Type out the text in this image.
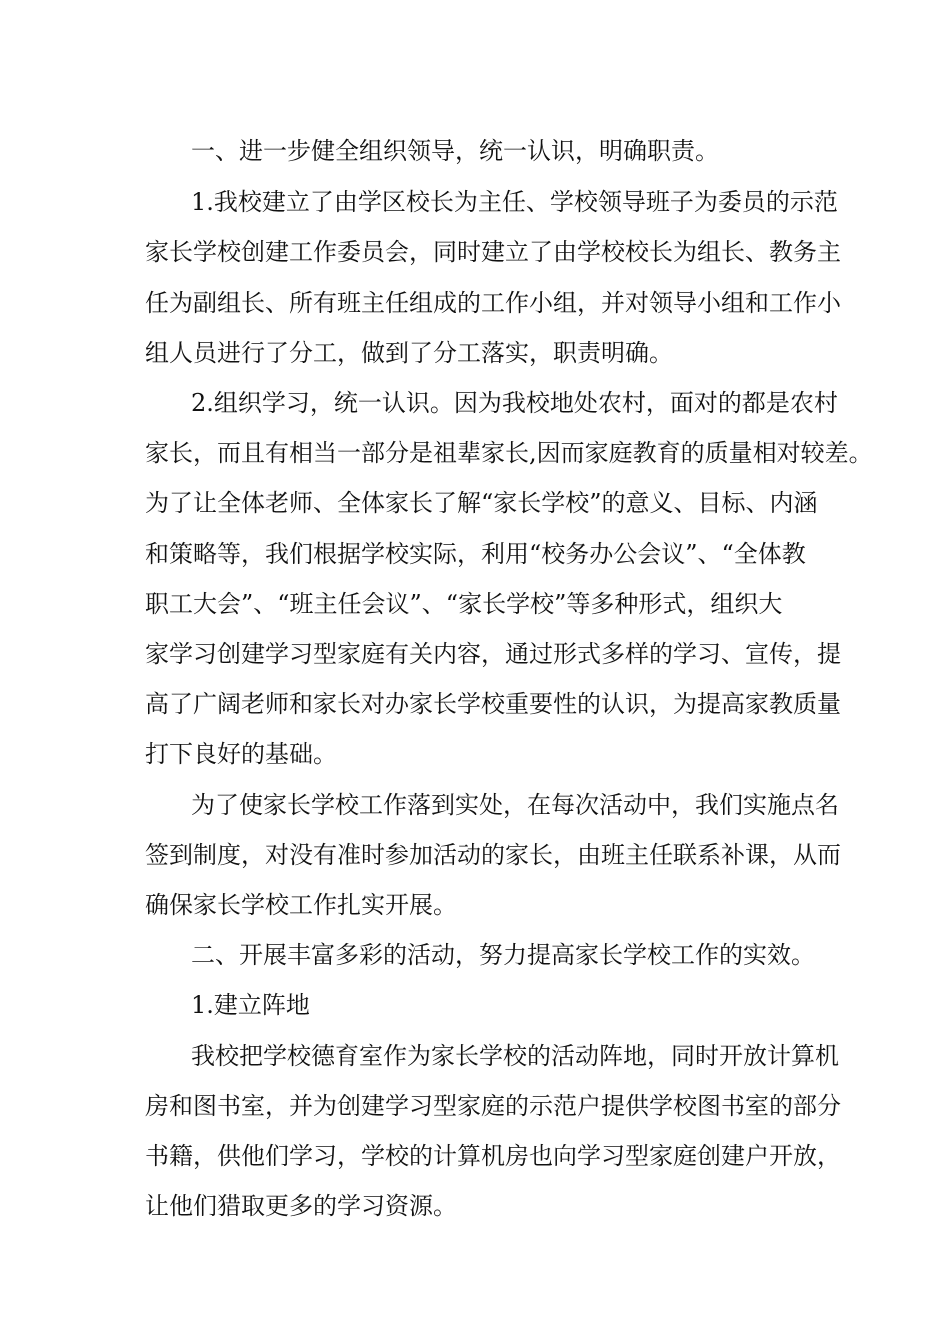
一、进一步健全组织领导，统一认识，明确职责。
1.我校建立了由学区校长为主任、学校领导班子为委员的示范
家长学校创建工作委员会，同时建立了由学校校长为组长、教务主
任为副组长、所有班主任组成的工作小组，并对领导小组和工作小
组人员进行了分工，做到了分工落实，职责明确。
2.组织学习，统一认识。因为我校地处农村，面对的都是农村
家长，而且有相当一部分是祖辈家长,因而家庭教育的质量相对较差。
为了让全体老师、全体家长了解“家长学校”的意义、目标、内涵
和策略等，我们根据学校实际，利用“校务办公会议”、“全体教
职工大会”、“班主任会议”、“家长学校”等多种形式，组织大
家学习创建学习型家庭有关内容，通过形式多样的学习、宣传，提
高了广阔老师和家长对办家长学校重要性的认识，为提高家教质量
打下良好的基础。
为了使家长学校工作落到实处，在每次活动中，我们实施点名
签到制度，对没有准时参加活动的家长，由班主任联系补课，从而
确保家长学校工作扎实开展。
二、开展丰富多彩的活动，努力提高家长学校工作的实效。
1.建立阵地
我校把学校德育室作为家长学校的活动阵地，同时开放计算机
房和图书室，并为创建学习型家庭的示范户提供学校图书室的部分
书籍，供他们学习，学校的计算机房也向学习型家庭创建户开放，
让他们猎取更多的学习资源。
